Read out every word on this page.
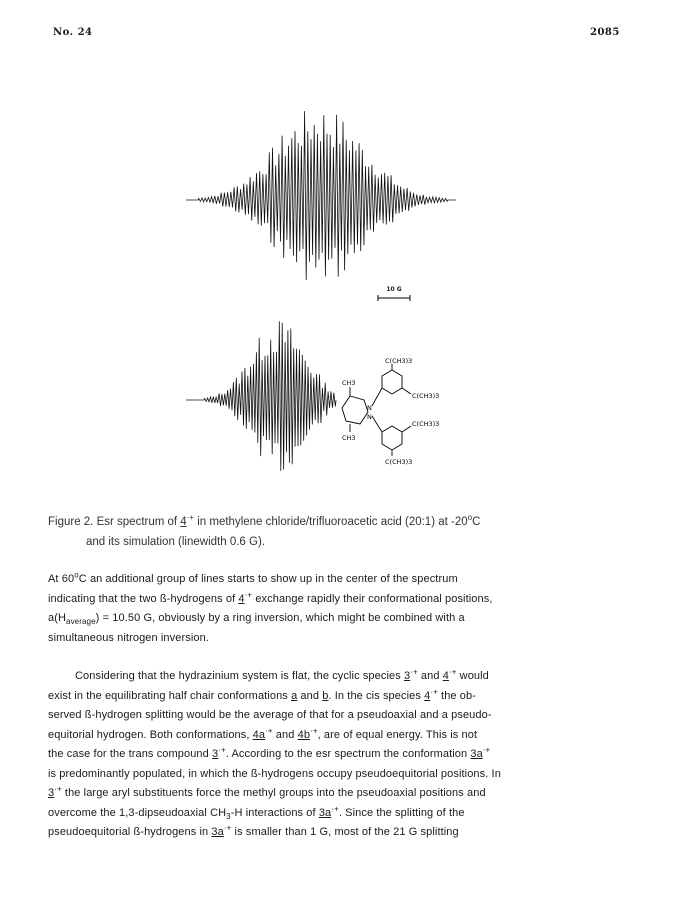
No. 24	2085
10 G
C(CH3)3
C(CH3)3
C(CH3)3
C(CH3)3
CH3
CH3
N
N
Figure 2. Esr spectrum of 4·+ in methylene chloride/trifluoroacetic acid (20:1) at -20$^o$C
and its simulation (linewidth 0.6 G).
At 60$^o$C an additional group of lines starts to show up in the center of the spectrum
indicating that the two ß-hydrogens of 4·+ exchange rapidly their conformational positions,
$a(H_{average}) = 10.50$ G, obviously by a ring inversion, which might be combined with a
simultaneous nitrogen inversion.
Considering that the hydrazinium system is flat, the cyclic species 3·+ and 4·+ would
exist in the equilibrating half chair conformations a and b. In the cis species 4·+ the ob-
served ß-hydrogen splitting would be the average of that for a pseudoaxial and a pseudo-
equitorial hydrogen. Both conformations, 4a·+ and 4b·+, are of equal energy. This is not
the case for the trans compound 3·+. According to the esr spectrum the conformation 3a·+
is predominantly populated, in which the ß-hydrogens occupy pseudoequitorial positions. In
3·+ the large aryl substituents force the methyl groups into the pseudoaxial positions and
overcome the 1,3-dipseudoaxial $CH_3-H$ interactions of 3a·+. Since the splitting of the
pseudoequitorial ß-hydrogens in 3a·+ is smaller than 1 G, most of the 21 G splitting
